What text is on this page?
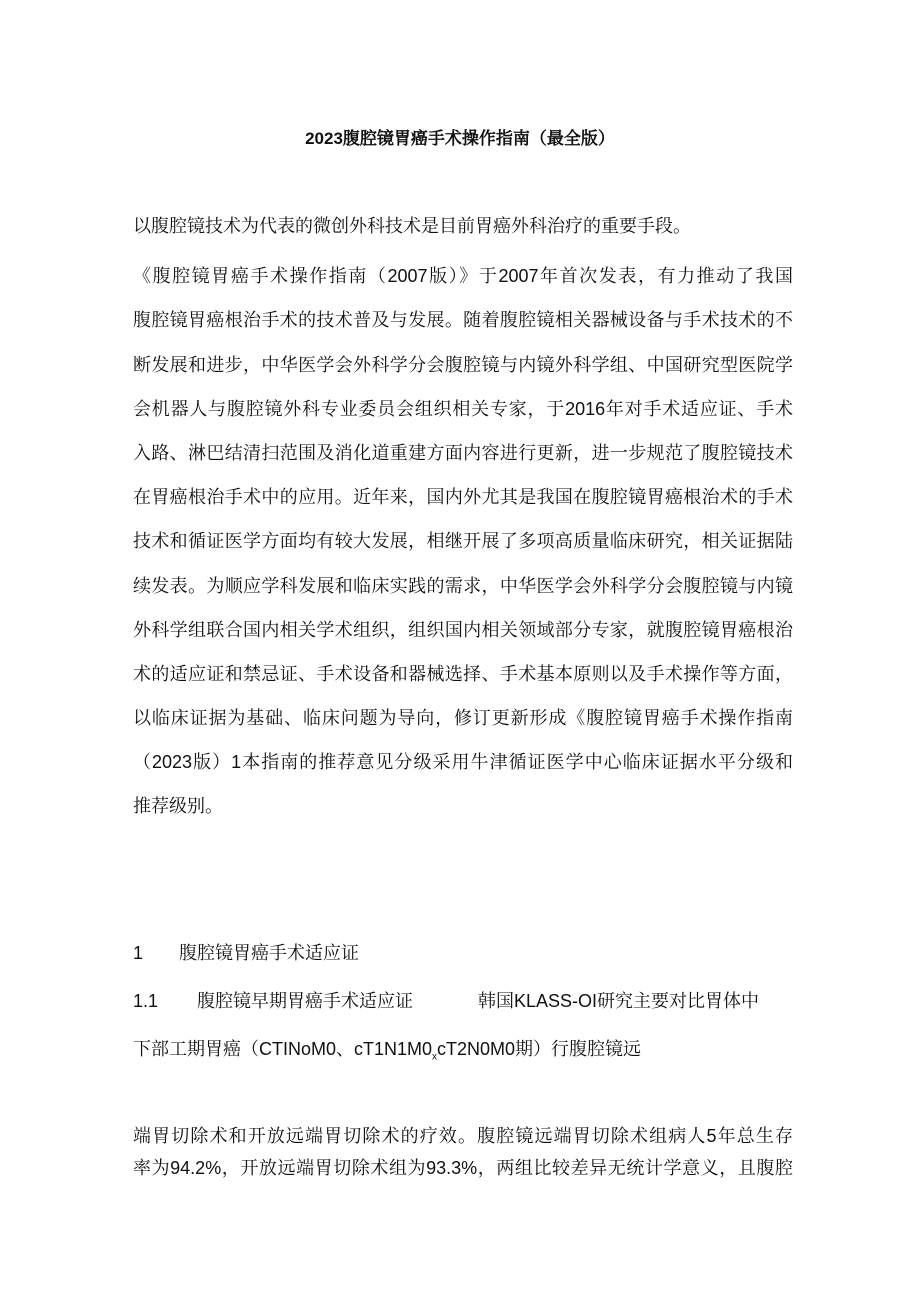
2023腹腔镜胃癌手术操作指南（最全版）
以腹腔镜技术为代表的微创外科技术是目前胃癌外科治疗的重要手段。
《腹腔镜胃癌手术操作指南（2007版）》于2007年首次发表，有力推动了我国
腹腔镜胃癌根治手术的技术普及与发展。随着腹腔镜相关器械设备与手术技术的不
断发展和进步，中华医学会外科学分会腹腔镜与内镜外科学组、中国研究型医院学
会机器人与腹腔镜外科专业委员会组织相关专家，于2016年对手术适应证、手术
入路、淋巴结清扫范围及消化道重建方面内容进行更新，进一步规范了腹腔镜技术
在胃癌根治手术中的应用。近年来，国内外尤其是我国在腹腔镜胃癌根治术的手术
技术和循证医学方面均有较大发展，相继开展了多项高质量临床研究，相关证据陆
续发表。为顺应学科发展和临床实践的需求，中华医学会外科学分会腹腔镜与内镜
外科学组联合国内相关学术组织，组织国内相关领域部分专家，就腹腔镜胃癌根治
术的适应证和禁忌证、手术设备和器械选择、手术基本原则以及手术操作等方面，
以临床证据为基础、临床问题为导向，修订更新形成《腹腔镜胃癌手术操作指南
（2023版）1本指南的推荐意见分级采用牛津循证医学中心临床证据水平分级和
推荐级别。
1 腹腔镜胃癌手术适应证
1.1 腹腔镜早期胃癌手术适应证	韩国KLASS-OI研究主要对比胃体中
下部工期胃癌（CTINoM0、$cT1N1M0_xcT2N0M0$期）行腹腔镜远
端胃切除术和开放远端胃切除术的疗效。腹腔镜远端胃切除术组病人5年总生存
率为94.2%，开放远端胃切除术组为93.3%，两组比较差异无统计学意义，且腹腔
